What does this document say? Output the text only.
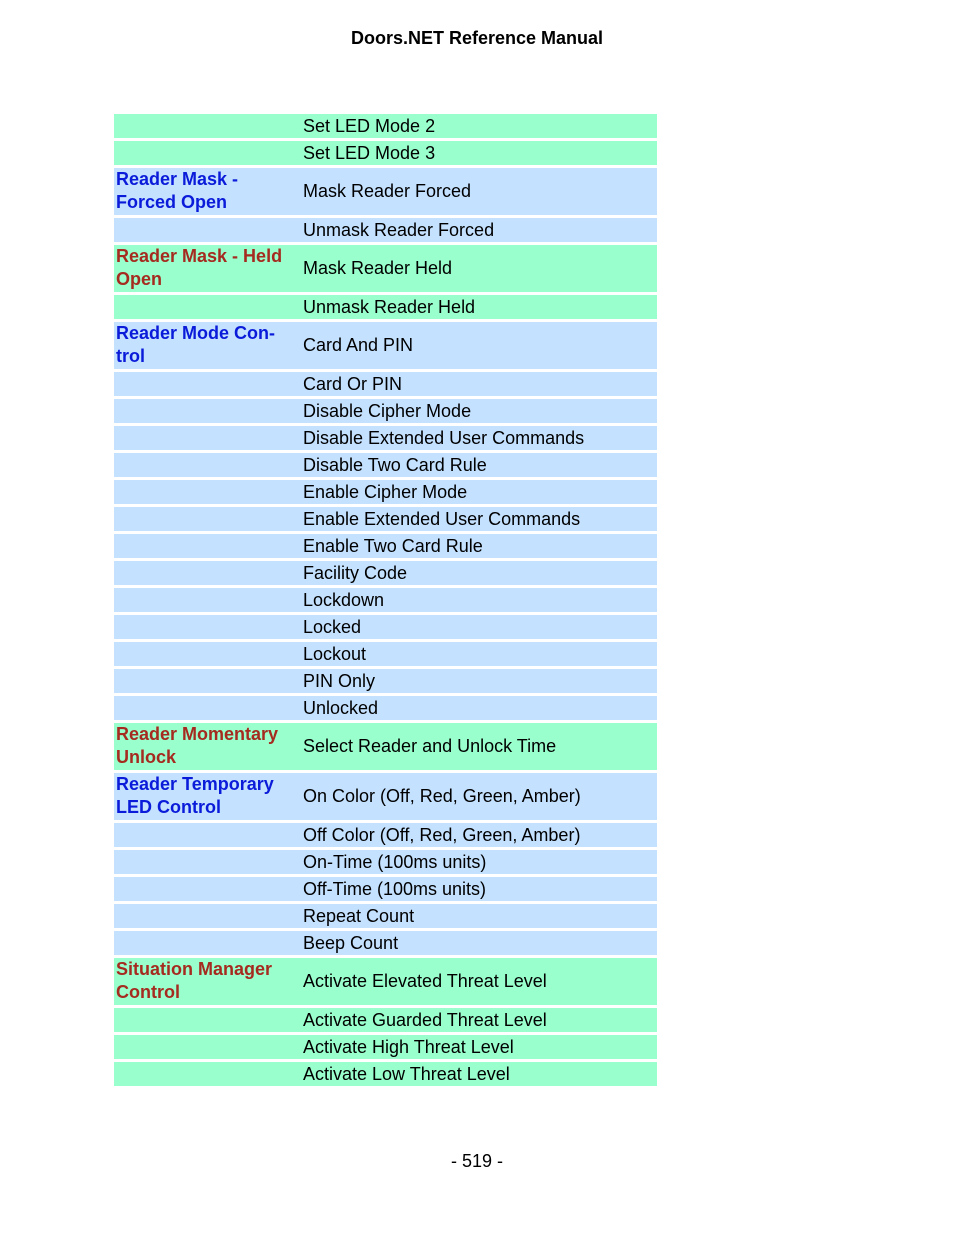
Doors.NET Reference Manual
Set LED Mode 2
Set LED Mode 3
Reader Mask - Forced Open
Mask Reader Forced
Unmask Reader Forced
Reader Mask - Held Open
Mask Reader Held
Unmask Reader Held
Reader Mode Con- trol
Card And PIN
Card Or PIN
Disable Cipher Mode
Disable Extended User Commands
Disable Two Card Rule
Enable Cipher Mode
Enable Extended User Commands
Enable Two Card Rule
Facility Code
Lockdown
Locked
Lockout
PIN Only
Unlocked
Reader Momentary Unlock
Select Reader and Unlock Time
Reader Temporary LED Control
On Color (Off, Red, Green, Amber)
Off Color (Off, Red, Green, Amber)
On-Time (100ms units)
Off-Time (100ms units)
Repeat Count
Beep Count
Situation Manager Control
Activate Elevated Threat Level
Activate Guarded Threat Level
Activate High Threat Level
Activate Low Threat Level
- 519 -
